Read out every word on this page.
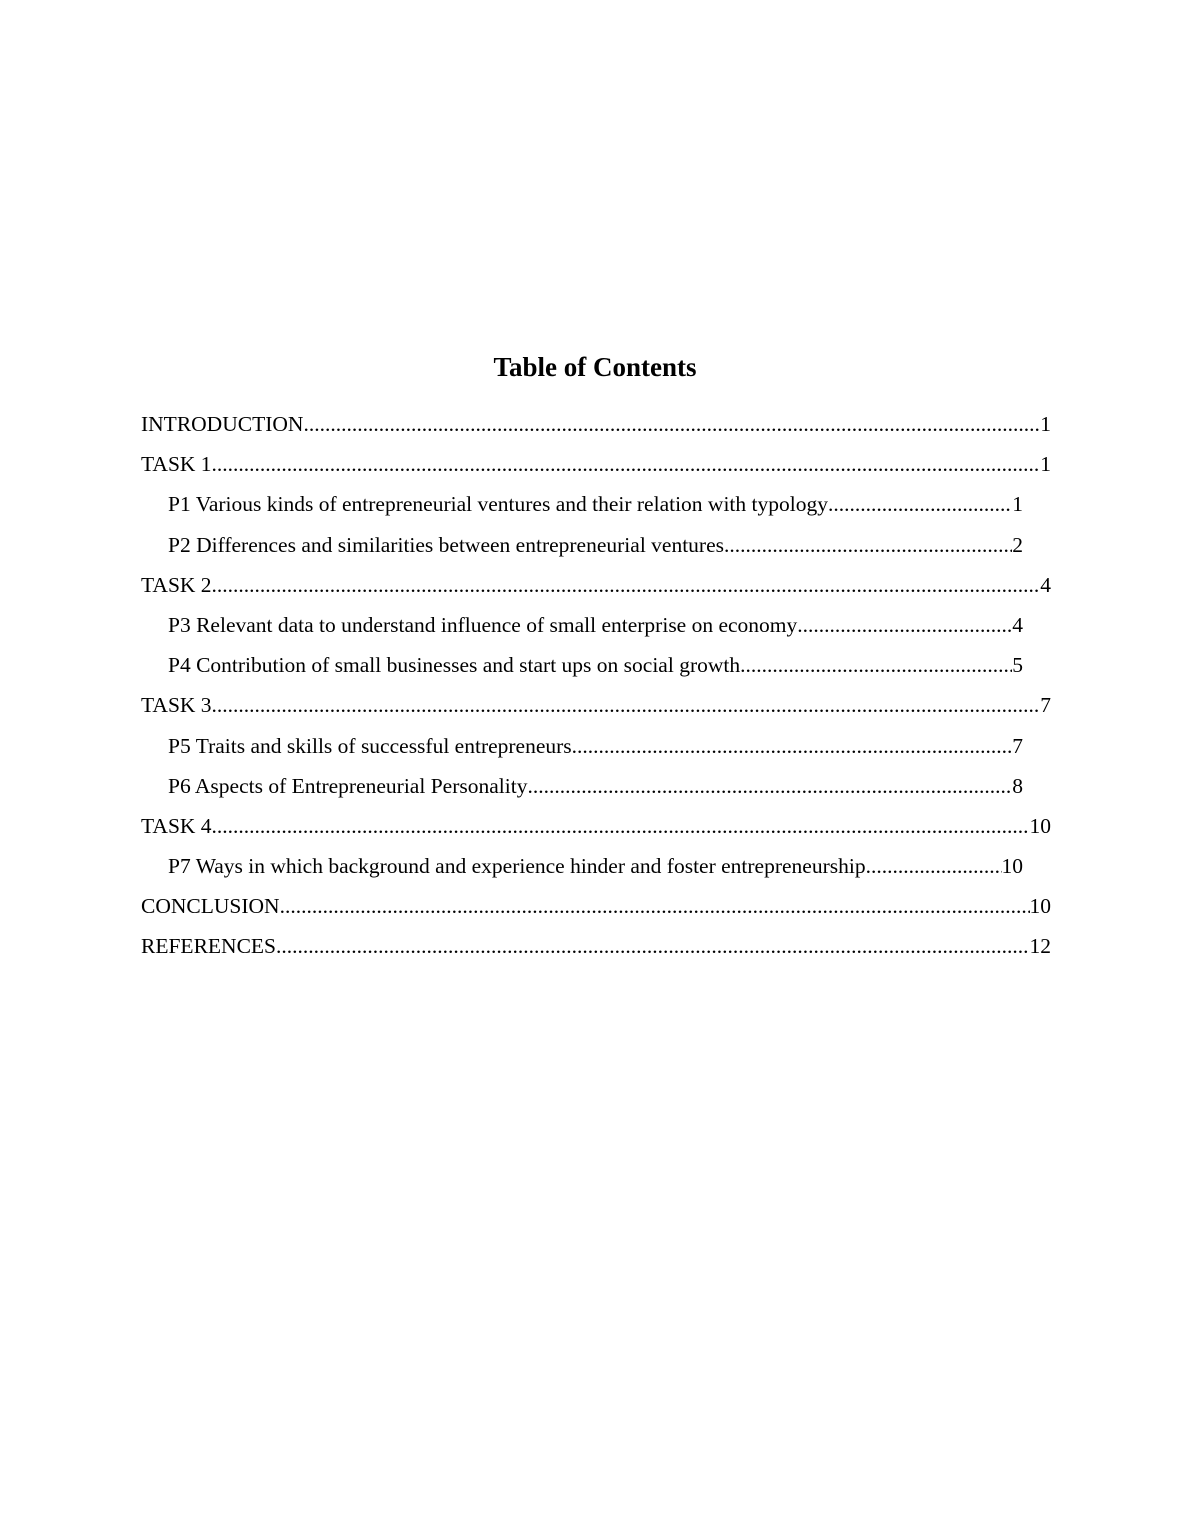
Table of Contents
INTRODUCTION .....	1
TASK 1 .....	1
P1 Various kinds of entrepreneurial ventures and their relation with typology .....	1
P2 Differences and similarities between entrepreneurial ventures .....	2
TASK 2 .....	4
P3 Relevant data to understand influence of small enterprise on economy .....	4
P4 Contribution of small businesses and start ups on social growth .....	5
TASK 3 .....	7
P5 Traits and skills of successful entrepreneurs .....	7
P6 Aspects of Entrepreneurial Personality .....	8
TASK 4 .....	10
P7 Ways in which background and experience hinder and foster entrepreneurship .....	10
CONCLUSION .....	10
REFERENCES .....	12
